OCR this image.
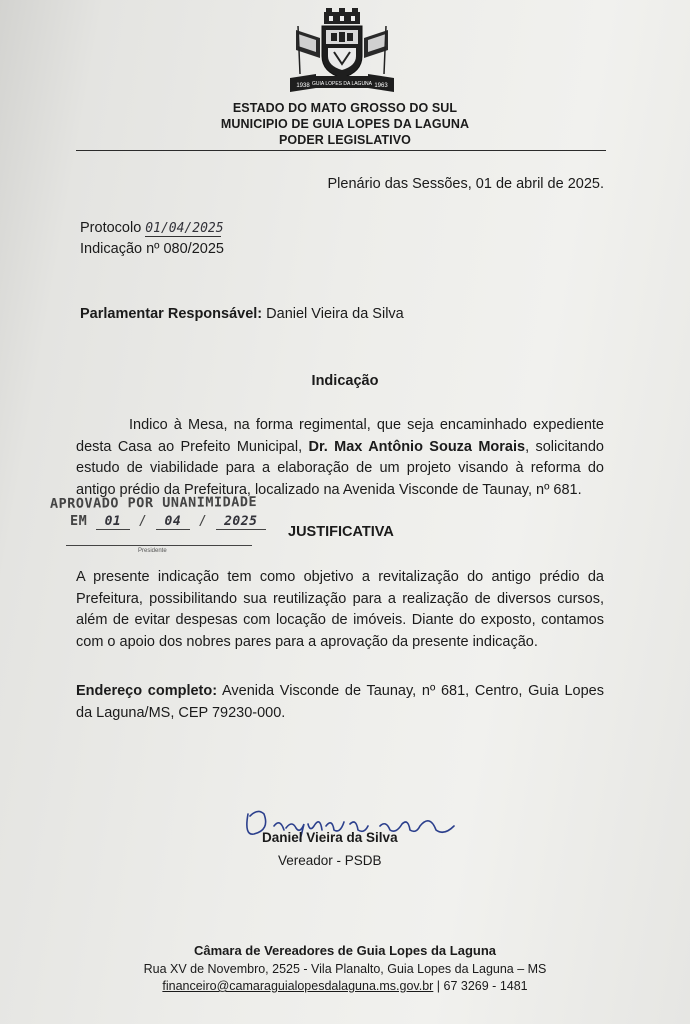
1938	1963
GUIA LOPES DA LAGUNA
ESTADO DO MATO GROSSO DO SUL
MUNICIPIO DE GUIA LOPES DA LAGUNA
PODER LEGISLATIVO
Plenário das Sessões, 01 de abril de 2025.
Protocolo 01/04/2025
Indicação nº 080/2025
Parlamentar Responsável: Daniel Vieira da Silva
Indicação
Indico à Mesa, na forma regimental, que seja encaminhado expediente desta Casa ao Prefeito Municipal, Dr. Max Antônio Souza Morais, solicitando estudo de viabilidade para a elaboração de um projeto visando à reforma do antigo prédio da Prefeitura, localizado na Avenida Visconde de Taunay, nº 681.
APROVADO POR UNANIMIDADE
EM 01 / 04 / 2025
Presidente
JUSTIFICATIVA
A presente indicação tem como objetivo a revitalização do antigo prédio da Prefeitura, possibilitando sua reutilização para a realização de diversos cursos, além de evitar despesas com locação de imóveis. Diante do exposto, contamos com o apoio dos nobres pares para a aprovação da presente indicação.
Endereço completo: Avenida Visconde de Taunay, nº 681, Centro, Guia Lopes da Laguna/MS, CEP 79230-000.
Daniel Vieira da Silva
Vereador - PSDB
Câmara de Vereadores de Guia Lopes da Laguna
Rua XV de Novembro, 2525 - Vila Planalto, Guia Lopes da Laguna – MS
financeiro@camaraguialopesdalaguna.ms.gov.br | 67 3269 - 1481
